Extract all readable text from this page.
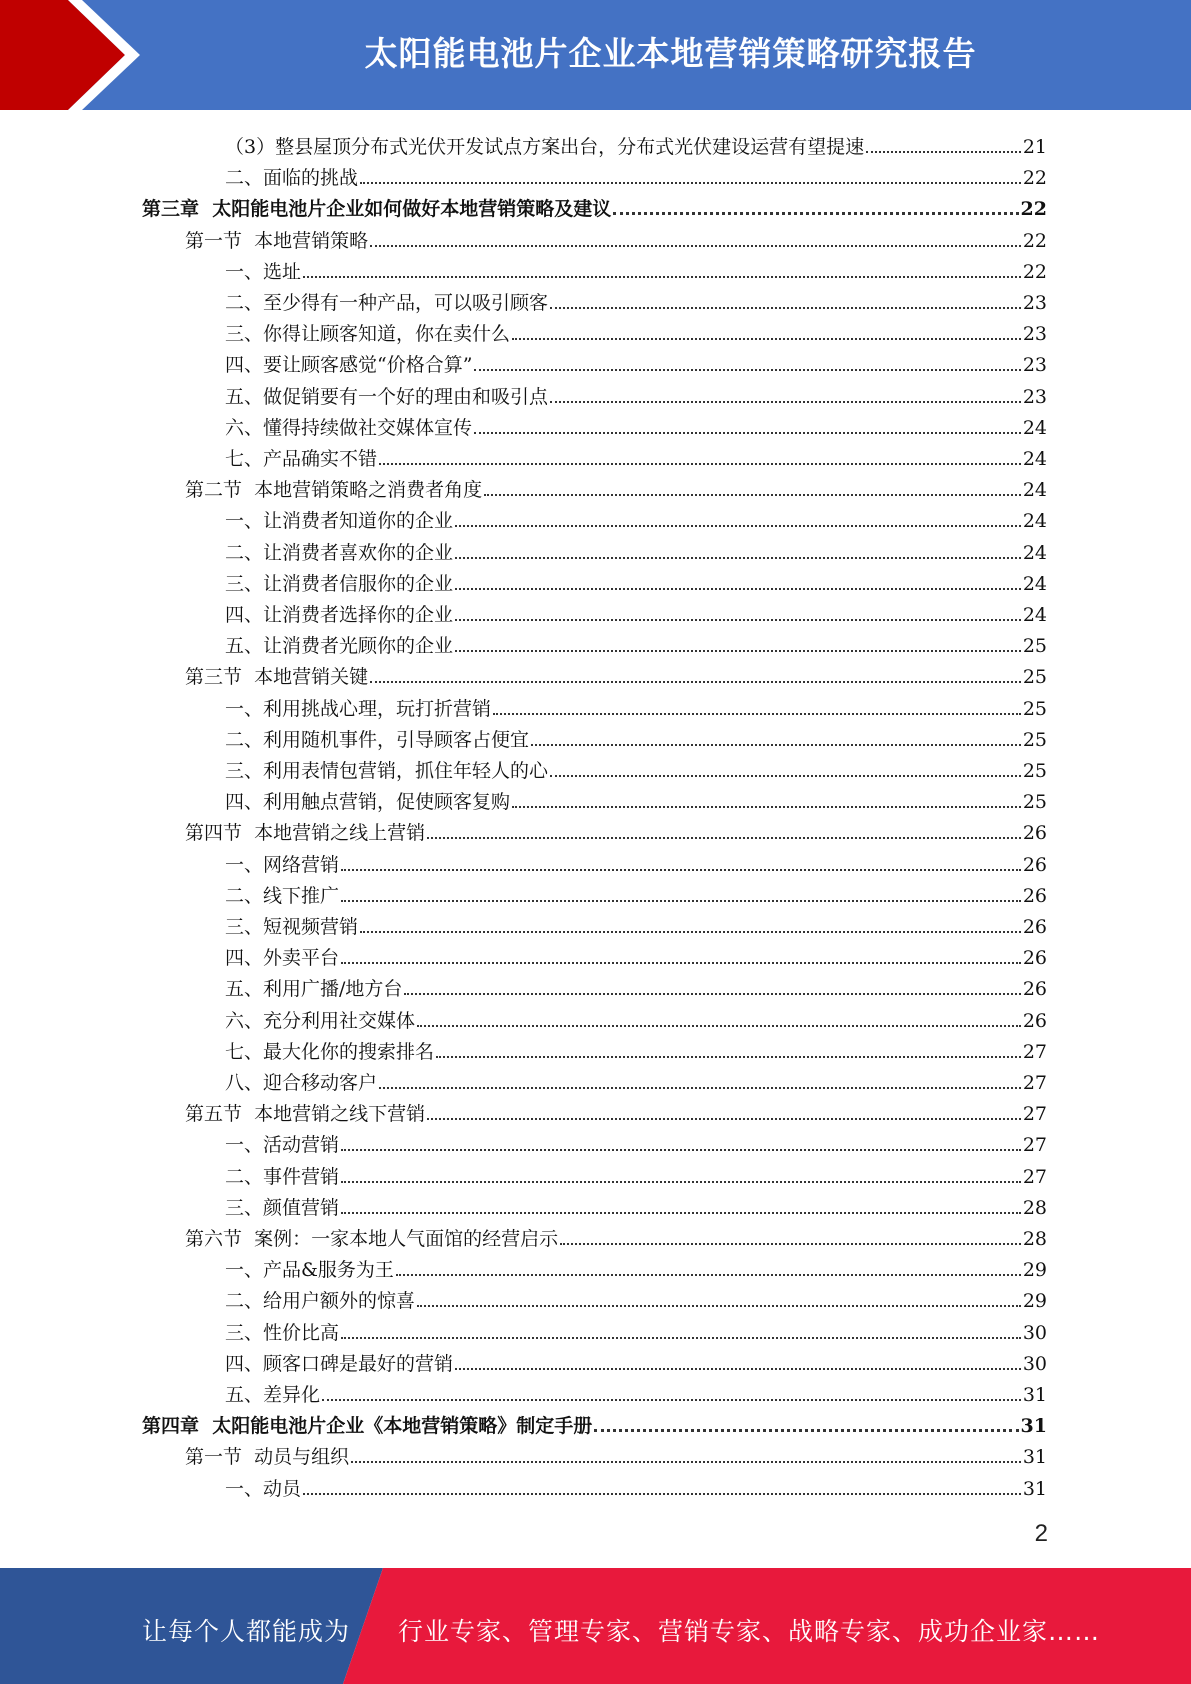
太阳能电池片企业本地营销策略研究报告
（3）整县屋顶分布式光伏开发试点方案出台，分布式光伏建设运营有望提速	21
二、面临的挑战	22
第三章  太阳能电池片企业如何做好本地营销策略及建议	22
第一节  本地营销策略	22
一、选址	22
二、至少得有一种产品，可以吸引顾客	23
三、你得让顾客知道，你在卖什么	23
四、要让顾客感觉“价格合算”	23
五、做促销要有一个好的理由和吸引点	23
六、懂得持续做社交媒体宣传	24
七、产品确实不错	24
第二节  本地营销策略之消费者角度	24
一、让消费者知道你的企业	24
二、让消费者喜欢你的企业	24
三、让消费者信服你的企业	24
四、让消费者选择你的企业	24
五、让消费者光顾你的企业	25
第三节  本地营销关键	25
一、利用挑战心理，玩打折营销	25
二、利用随机事件，引导顾客占便宜	25
三、利用表情包营销，抓住年轻人的心	25
四、利用触点营销，促使顾客复购	25
第四节  本地营销之线上营销	26
一、网络营销	26
二、线下推广	26
三、短视频营销	26
四、外卖平台	26
五、利用广播/地方台	26
六、充分利用社交媒体	26
七、最大化你的搜索排名	27
八、迎合移动客户	27
第五节  本地营销之线下营销	27
一、活动营销	27
二、事件营销	27
三、颜值营销	28
第六节  案例：一家本地人气面馆的经营启示	28
一、产品&服务为王	29
二、给用户额外的惊喜	29
三、性价比高	30
四、顾客口碑是最好的营销	30
五、差异化	31
第四章  太阳能电池片企业《本地营销策略》制定手册	31
第一节  动员与组织	31
一、动员	31
2
让每个人都能成为 行业专家、管理专家、营销专家、战略专家、成功企业家……
